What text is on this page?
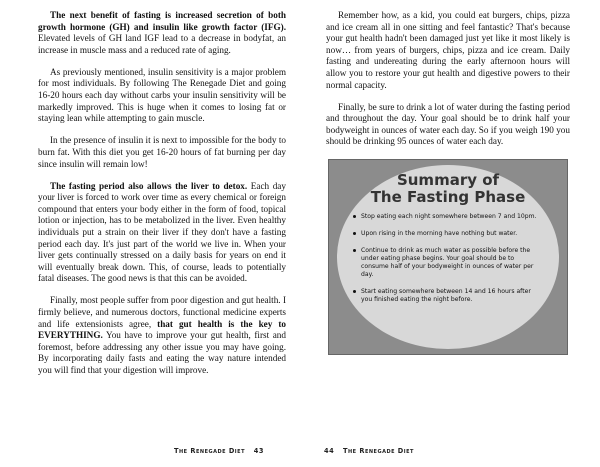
The next benefit of fasting is increased secretion of both growth hormone (GH) and insulin like growth factor (IFG). Elevated levels of GH land IGF lead to a decrease in bodyfat, an increase in muscle mass and a reduced rate of aging.

As previously mentioned, insulin sensitivity is a major problem for most individuals. By following The Renegade Diet and going 16-20 hours each day without carbs your insulin sensitivity will be markedly improved. This is huge when it comes to losing fat or staying lean while attempting to gain muscle.

In the presence of insulin it is next to impossible for the body to burn fat. With this diet you get 16-20 hours of fat burning per day since insulin will remain low!

The fasting period also allows the liver to detox. Each day your liver is forced to work over time as every chemical or foreign compound that enters your body either in the form of food, topical lotion or injection, has to be metabolized in the liver. Even healthy individuals put a strain on their liver if they don't have a fasting period each day. It's just part of the world we live in. When your liver gets continually stressed on a daily basis for years on end it will eventually break down. This, of course, leads to potentially fatal diseases. The good news is that this can be avoided.

Finally, most people suffer from poor digestion and gut health. I firmly believe, and numerous doctors, functional medicine experts and life extensionists agree, that gut health is the key to EVERYTHING. You have to improve your gut health, first and foremost, before addressing any other issue you may have going. By incorporating daily fasts and eating the way nature intended you will find that your digestion will improve.

Remember how, as a kid, you could eat burgers, chips, pizza and ice cream all in one sitting and feel fantastic? That's because your gut health hadn't been damaged just yet like it most likely is now… from years of burgers, chips, pizza and ice cream. Daily fasting and undereating during the early afternoon hours will allow you to restore your gut health and digestive powers to their normal capacity.

Finally, be sure to drink a lot of water during the fasting period and throughout the day. Your goal should be to drink half your bodyweight in ounces of water each day. So if you weigh 190 you should be drinking 95 ounces of water each day.

Summary of
The Fasting Phase
Stop eating each night somewhere between 7 and 10pm.
Upon rising in the morning have nothing but water.
Continue to drink as much water as possible before the under eating phase begins. Your goal should be to consume half of your bodyweight in ounces of water per day.
Start eating somewhere between 14 and 16 hours after you finished eating the night before.
The Renegade Diet 43	44 The Renegade Diet
